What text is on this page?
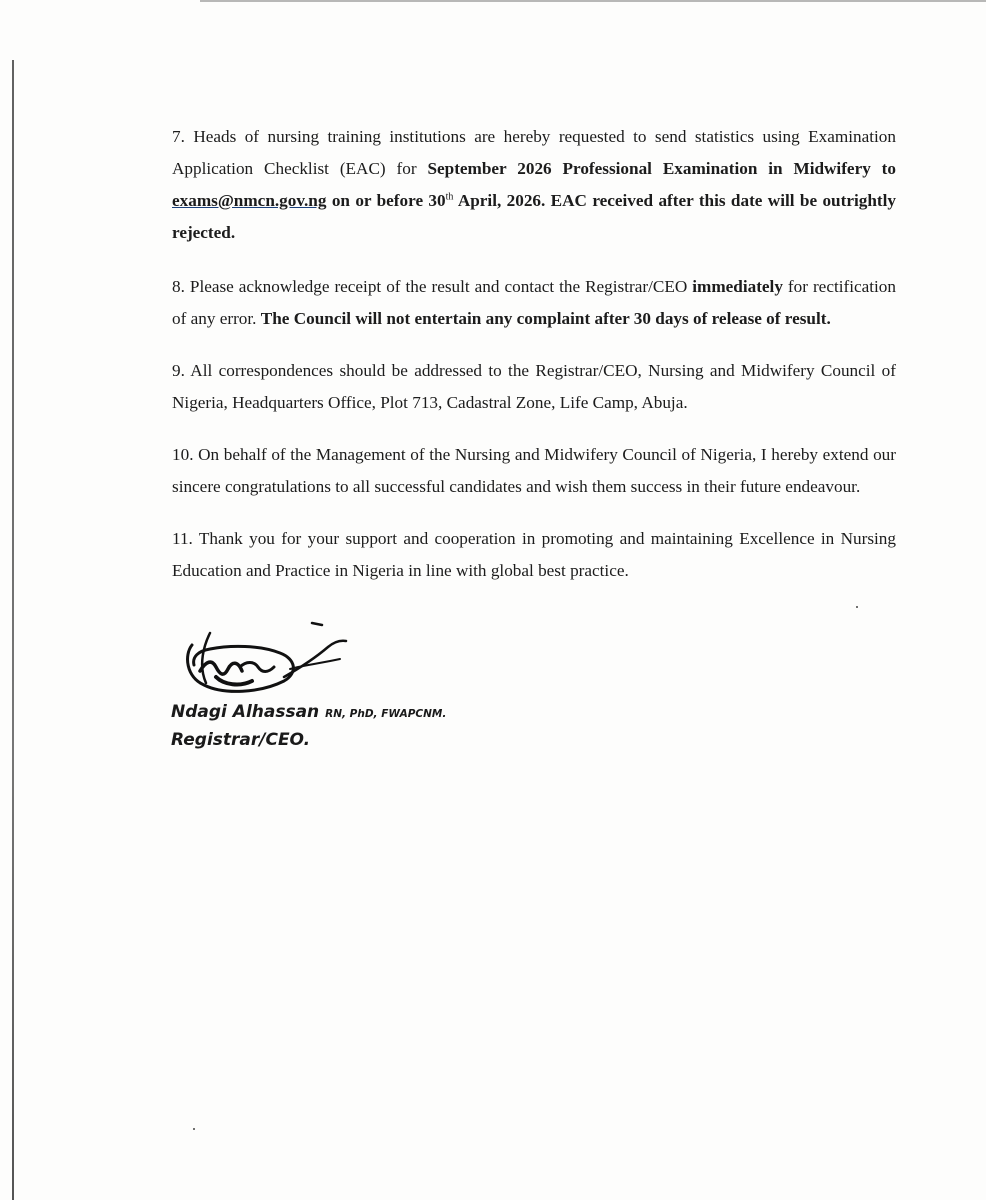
7. Heads of nursing training institutions are hereby requested to send statistics using Examination Application Checklist (EAC) for September 2026 Professional Examination in Midwifery to exams@nmcn.gov.ng on or before 30th April, 2026. EAC received after this date will be outrightly rejected.

8. Please acknowledge receipt of the result and contact the Registrar/CEO immediately for rectification of any error. The Council will not entertain any complaint after 30 days of release of result.

9. All correspondences should be addressed to the Registrar/CEO, Nursing and Midwifery Council of Nigeria, Headquarters Office, Plot 713, Cadastral Zone, Life Camp, Abuja.

10. On behalf of the Management of the Nursing and Midwifery Council of Nigeria, I hereby extend our sincere congratulations to all successful candidates and wish them success in their future endeavour.

11. Thank you for your support and cooperation in promoting and maintaining Excellence in Nursing Education and Practice in Nigeria in line with global best practice.

Ndagi Alhassan RN, PhD, FWAPCNM.
Registrar/CEO.
